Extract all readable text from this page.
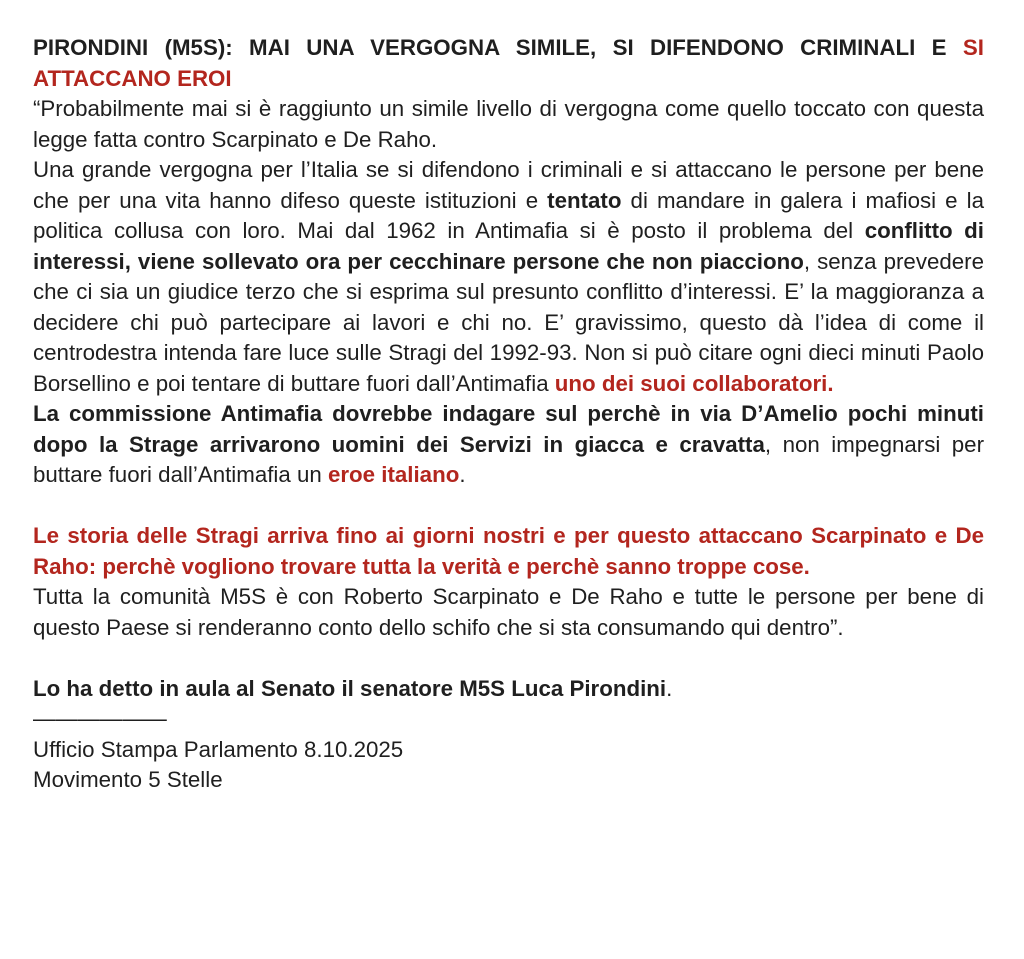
PIRONDINI (M5S): MAI UNA VERGOGNA SIMILE, SI DIFENDONO CRIMINALI E SI ATTACCANO EROI

“Probabilmente mai si è raggiunto un simile livello di vergogna come quello toccato con questa legge fatta contro Scarpinato e De Raho.

Una grande vergogna per l’Italia se si difendono i criminali e si attaccano le persone per bene che per una vita hanno difeso queste istituzioni e tentato di mandare in galera i mafiosi e la politica collusa con loro. Mai dal 1962 in Antimafia si è posto il problema del conflitto di interessi, viene sollevato ora per cecchinare persone che non piacciono, senza prevedere che ci sia un giudice terzo che si esprima sul presunto conflitto d’interessi. E’ la maggioranza a decidere chi può partecipare ai lavori e chi no. E’ gravissimo, questo dà l’idea di come il centrodestra intenda fare luce sulle Stragi del 1992-93. Non si può citare ogni dieci minuti Paolo Borsellino e poi tentare di buttare fuori dall’Antimafia uno dei suoi collaboratori.

La commissione Antimafia dovrebbe indagare sul perchè in via D’Amelio pochi minuti dopo la Strage arrivarono uomini dei Servizi in giacca e cravatta, non impegnarsi per buttare fuori dall’Antimafia un eroe italiano.

Le storia delle Stragi arriva fino ai giorni nostri e per questo attaccano Scarpinato e De Raho: perchè vogliono trovare tutta la verità e perchè sanno troppe cose.

Tutta la comunità M5S è con Roberto Scarpinato e De Raho e tutte le persone per bene di questo Paese si renderanno conto dello schifo che si sta consumando qui dentro”.

Lo ha detto in aula al Senato il senatore M5S Luca Pirondini.

——————

Ufficio Stampa Parlamento 8.10.2025

Movimento 5 Stelle
